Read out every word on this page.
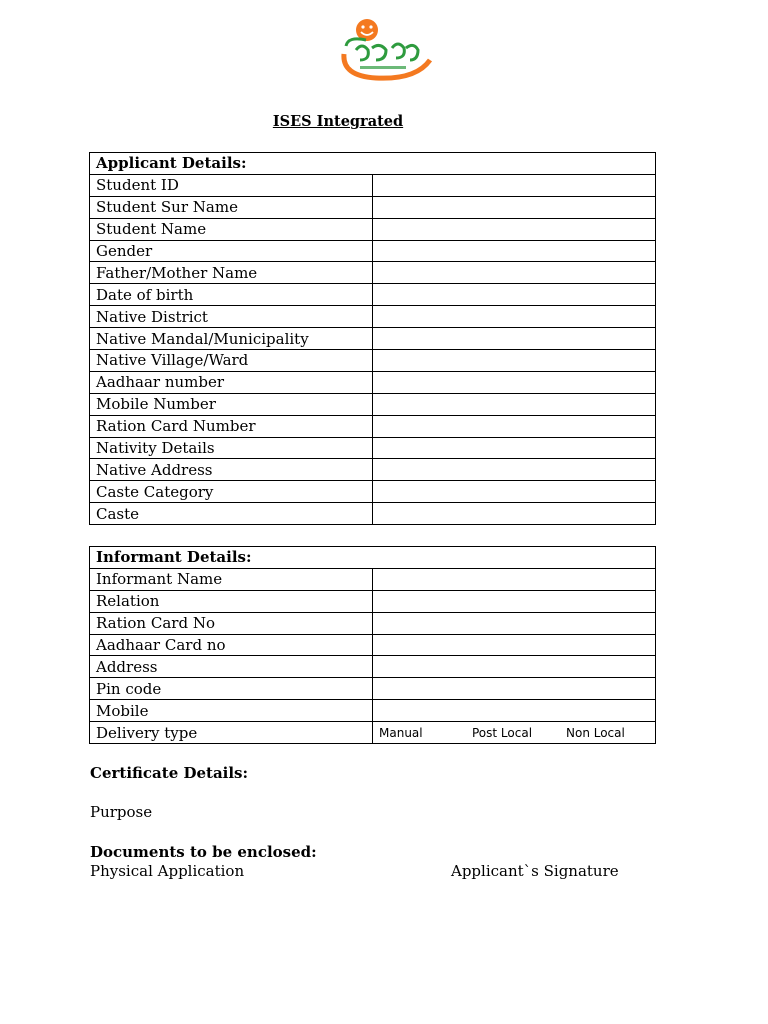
ISES Integrated
Applicant Details:	
Student ID	
Student Sur Name	
Student Name	
Gender	
Father/Mother Name	
Date of birth	
Native District	
Native Mandal/Municipality	
Native Village/Ward	
Aadhaar number	
Mobile Number	
Ration Card Number	
Nativity Details	
Native Address	
Caste Category	
Caste	
Informant Details:	
Informant Name	
Relation	
Ration Card No	
Aadhaar Card no	
Address	
Pin code	
Mobile	
Delivery type	Manual Post Local Non Local
Certificate Details:
Purpose
Documents to be enclosed:
Physical Application	Applicant`s Signature
